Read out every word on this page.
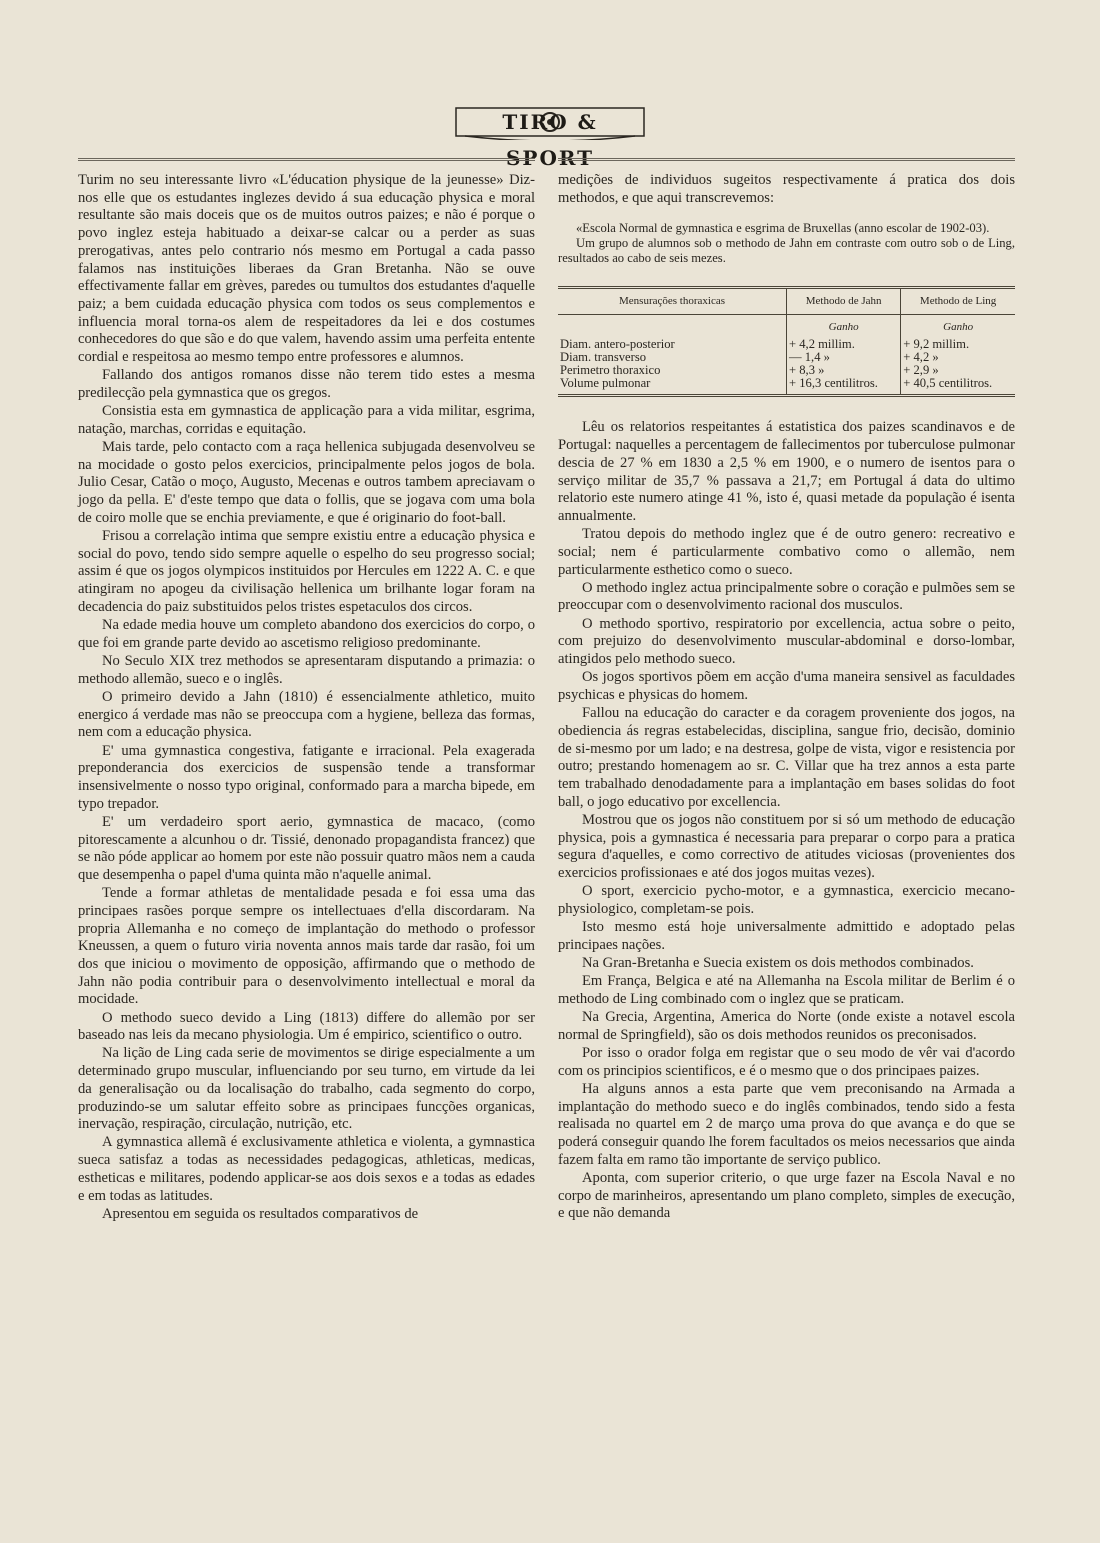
TIRO & SPORT

Turim no seu interessante livro «L'éducation physique de la jeunesse» Diz-nos elle que os estudantes inglezes devido á sua educação physica e moral resultante são mais doceis que os de muitos outros paizes; e não é porque o povo inglez esteja habituado a deixar-se calcar ou a perder as suas prerogativas, antes pelo contrario nós mesmo em Portugal a cada passo falamos nas instituições liberaes da Gran Bretanha. Não se ouve effectivamente fallar em grèves, paredes ou tumultos dos estudantes d'aquelle paiz; a bem cuidada educação physica com todos os seus complementos e influencia moral torna-os alem de respeitadores da lei e dos costumes conhecedores do que são e do que valem, havendo assim uma perfeita entente cordial e respeitosa ao mesmo tempo entre professores e alumnos.

Fallando dos antigos romanos disse não terem tido estes a mesma predilecção pela gymnastica que os gregos.

Consistia esta em gymnastica de applicação para a vida militar, esgrima, natação, marchas, corridas e equitação.

Mais tarde, pelo contacto com a raça hellenica subjugada desenvolveu se na mocidade o gosto pelos exercicios, principalmente pelos jogos de bola. Julio Cesar, Catão o moço, Augusto, Mecenas e outros tambem apreciavam o jogo da pella. E' d'este tempo que data o follis, que se jogava com uma bola de coiro molle que se enchia previamente, e que é originario do foot-ball.

Frisou a correlação intima que sempre existiu entre a educação physica e social do povo, tendo sido sempre aquelle o espelho do seu progresso social; assim é que os jogos olympicos instituidos por Hercules em 1222 A. C. e que atingiram no apogeu da civilisação hellenica um brilhante logar foram na decadencia do paiz substituidos pelos tristes espetaculos dos circos.

Na edade media houve um completo abandono dos exercicios do corpo, o que foi em grande parte devido ao ascetismo religioso predominante.

No Seculo XIX trez methodos se apresentaram disputando a primazia: o methodo allemão, sueco e o inglês.

O primeiro devido a Jahn (1810) é essencialmente athletico, muito energico á verdade mas não se preoccupa com a hygiene, belleza das formas, nem com a educação physica.

E' uma gymnastica congestiva, fatigante e irracional. Pela exagerada preponderancia dos exercicios de suspensão tende a transformar insensivelmente o nosso typo original, conformado para a marcha bipede, em typo trepador.

E' um verdadeiro sport aerio, gymnastica de macaco, (como pitorescamente a alcunhou o dr. Tissié, denonado propagandista francez) que se não póde applicar ao homem por este não possuir quatro mãos nem a cauda que desempenha o papel d'uma quinta mão n'aquelle animal.

Tende a formar athletas de mentalidade pesada e foi essa uma das principaes rasões porque sempre os intellectuaes d'ella discordaram. Na propria Allemanha e no começo de implantação do methodo o professor Kneussen, a quem o futuro viria noventa annos mais tarde dar rasão, foi um dos que iniciou o movimento de opposição, affirmando que o methodo de Jahn não podia contribuir para o desenvolvimento intellectual e moral da mocidade.

O methodo sueco devido a Ling (1813) differe do allemão por ser baseado nas leis da mecano physiologia. Um é empirico, scientifico o outro.

Na lição de Ling cada serie de movimentos se dirige especialmente a um determinado grupo muscular, influenciando por seu turno, em virtude da lei da generalisação ou da localisação do trabalho, cada segmento do corpo, produzindo-se um salutar effeito sobre as principaes funcções organicas, inervação, respiração, circulação, nutrição, etc.

A gymnastica allemã é exclusivamente athletica e violenta, a gymnastica sueca satisfaz a todas as necessidades pedagogicas, athleticas, medicas, estheticas e militares, podendo applicar-se aos dois sexos e a todas as edades e em todas as latitudes.

Apresentou em seguida os resultados comparativos de

medições de individuos sugeitos respectivamente á pratica dos dois methodos, e que aqui transcrevemos:

«Escola Normal de gymnastica e esgrima de Bruxellas (anno escolar de 1902-03).

Um grupo de alumnos sob o methodo de Jahn em contraste com outro sob o de Ling, resultados ao cabo de seis mezes.

Mensurações thoraxicas	Methodo de Jahn	Methodo de Ling
	Ganho	Ganho
Diam. antero-posterior	+ 4,2 millim.	+ 9,2 millim.
Diam. transverso	— 1,4 »	+ 4,2 »
Perimetro thoraxico	+ 8,3 »	+ 2,9 »
Volume pulmonar	+ 16,3 centilitros.	+ 40,5 centilitros.

Lêu os relatorios respeitantes á estatistica dos paizes scandinavos e de Portugal: naquelles a percentagem de fallecimentos por tuberculose pulmonar descia de 27 % em 1830 a 2,5 % em 1900, e o numero de isentos para o serviço militar de 35,7 % passava a 21,7; em Portugal á data do ultimo relatorio este numero atinge 41 %, isto é, quasi metade da população é isenta annualmente.

Tratou depois do methodo inglez que é de outro genero: recreativo e social; nem é particularmente combativo como o allemão, nem particularmente esthetico como o sueco.

O methodo inglez actua principalmente sobre o coração e pulmões sem se preoccupar com o desenvolvimento racional dos musculos.

O methodo sportivo, respiratorio por excellencia, actua sobre o peito, com prejuizo do desenvolvimento muscular-abdominal e dorso-lombar, atingidos pelo methodo sueco.

Os jogos sportivos põem em acção d'uma maneira sensivel as faculdades psychicas e physicas do homem.

Fallou na educação do caracter e da coragem proveniente dos jogos, na obediencia ás regras estabelecidas, disciplina, sangue frio, decisão, dominio de si-mesmo por um lado; e na destresa, golpe de vista, vigor e resistencia por outro; prestando homenagem ao sr. C. Villar que ha trez annos a esta parte tem trabalhado denodadamente para a implantação em bases solidas do foot ball, o jogo educativo por excellencia.

Mostrou que os jogos não constituem por si só um methodo de educação physica, pois a gymnastica é necessaria para preparar o corpo para a pratica segura d'aquelles, e como correctivo de atitudes viciosas (provenientes dos exercicios profissionaes e até dos jogos muitas vezes).

O sport, exercicio pycho-motor, e a gymnastica, exercicio mecano-physiologico, completam-se pois.

Isto mesmo está hoje universalmente admittido e adoptado pelas principaes nações.

Na Gran-Bretanha e Suecia existem os dois methodos combinados.

Em França, Belgica e até na Allemanha na Escola militar de Berlim é o methodo de Ling combinado com o inglez que se praticam.

Na Grecia, Argentina, America do Norte (onde existe a notavel escola normal de Springfield), são os dois methodos reunidos os preconisados.

Por isso o orador folga em registar que o seu modo de vêr vai d'acordo com os principios scientificos, e é o mesmo que o dos principaes paizes.

Ha alguns annos a esta parte que vem preconisando na Armada a implantação do methodo sueco e do inglês combinados, tendo sido a festa realisada no quartel em 2 de março uma prova do que avança e do que se poderá conseguir quando lhe forem facultados os meios necessarios que ainda fazem falta em ramo tão importante de serviço publico.

Aponta, com superior criterio, o que urge fazer na Escola Naval e no corpo de marinheiros, apresentando um plano completo, simples de execução, e que não demanda
